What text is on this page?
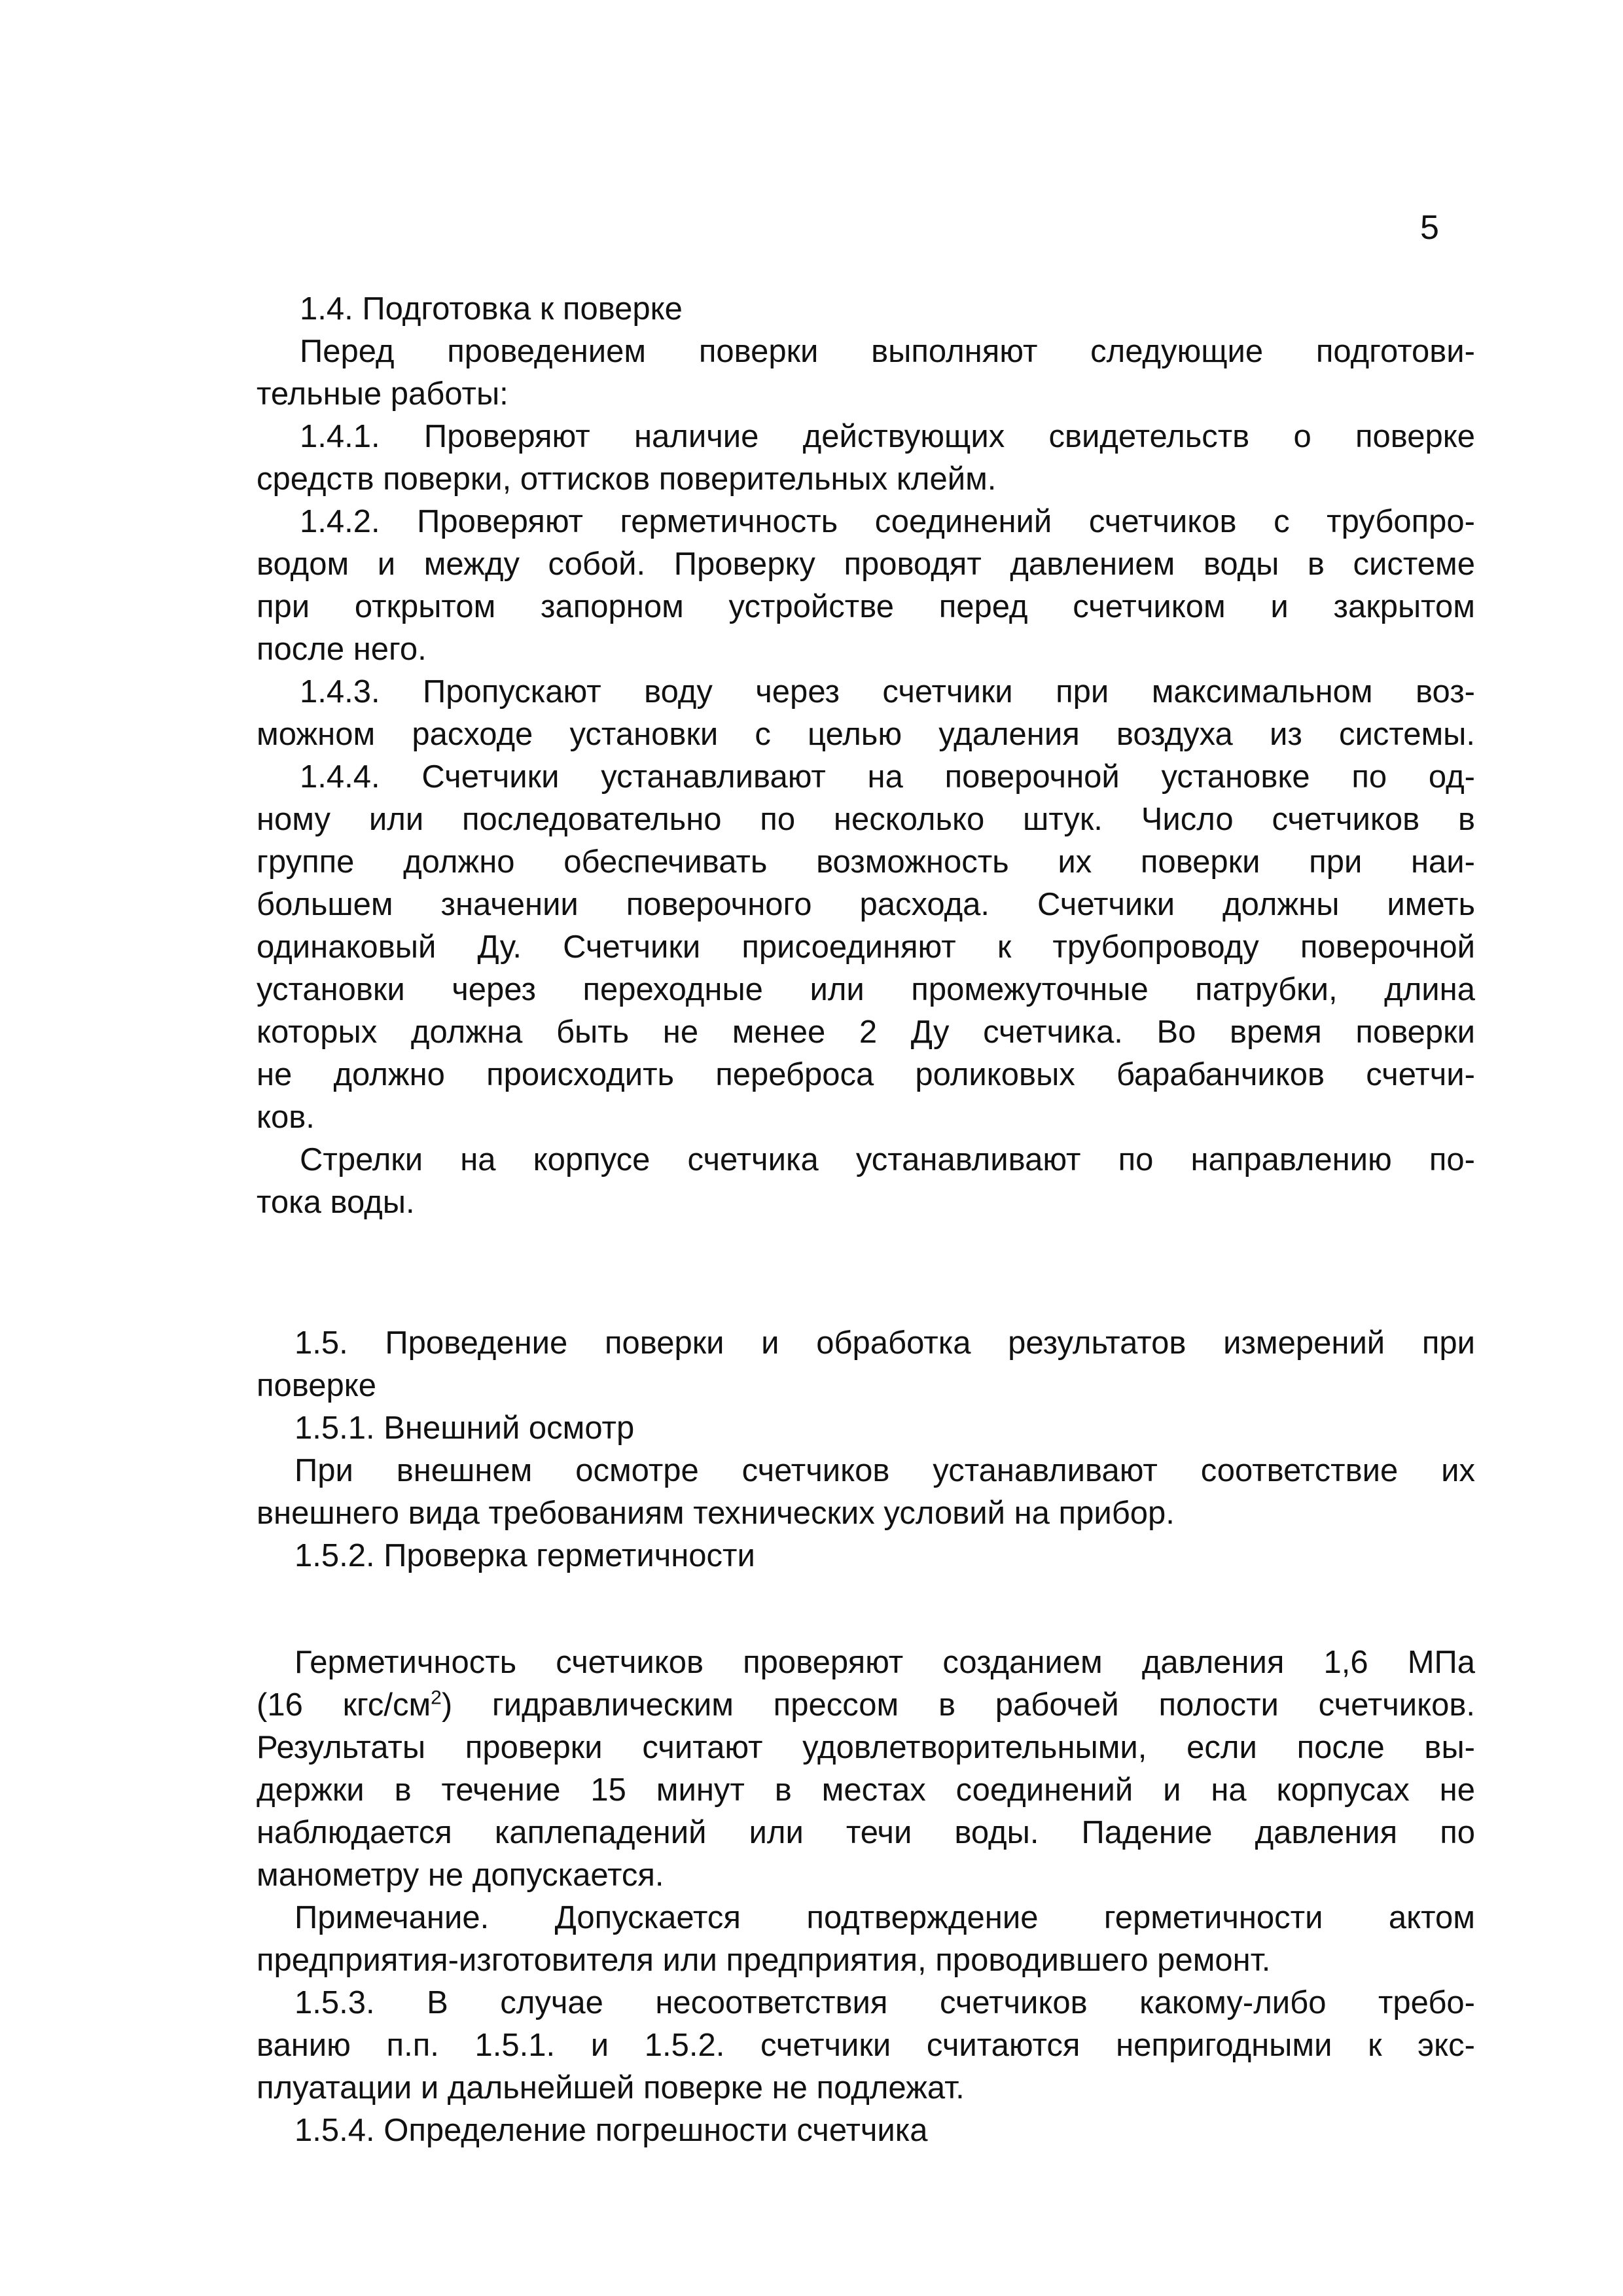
5
1.4. Подготовка к поверке
Перед проведением поверки выполняют следующие подготови-
тельные работы:
1.4.1. Проверяют наличие действующих свидетельств о поверке
средств поверки, оттисков поверительных клейм.
1.4.2. Проверяют герметичность соединений счетчиков с трубопро-
водом и между собой. Проверку проводят давлением воды в системе
при открытом запорном устройстве перед счетчиком и закрытом
после него.
1.4.3. Пропускают воду через счетчики при максимальном воз-
можном расходе установки с целью удаления воздуха из системы.
1.4.4. Счетчики устанавливают на поверочной установке по од-
ному или последовательно по несколько штук. Число счетчиков в
группе должно обеспечивать возможность их поверки при наи-
большем значении поверочного расхода. Счетчики должны иметь
одинаковый Ду. Счетчики присоединяют к трубопроводу поверочной
установки через переходные или промежуточные патрубки, длина
которых должна быть не менее 2 Ду счетчика. Во время поверки
не должно происходить переброса роликовых барабанчиков счетчи-
ков.
Стрелки на корпусе счетчика устанавливают по направлению по-
тока воды.
1.5. Проведение поверки и обработка результатов измерений при
поверке
1.5.1. Внешний осмотр
При внешнем осмотре счетчиков устанавливают соответствие их
внешнего вида требованиям технических условий на прибор.
1.5.2. Проверка герметичности
Герметичность счетчиков проверяют созданием давления 1,6 МПа
(16 кгс/$см^2$) гидравлическим прессом в рабочей полости счетчиков.
Результаты проверки считают удовлетворительными, если после вы-
держки в течение 15 минут в местах соединений и на корпусах не
наблюдается каплепадений или течи воды. Падение давления по
манометру не допускается.
Примечание. Допускается подтверждение герметичности актом
предприятия-изготовителя или предприятия, проводившего ремонт.
1.5.3. В случае несоответствия счетчиков какому-либо требо-
ванию п.п. 1.5.1. и 1.5.2. счетчики считаются непригодными к экс-
плуатации и дальнейшей поверке не подлежат.
1.5.4. Определение погрешности счетчика
